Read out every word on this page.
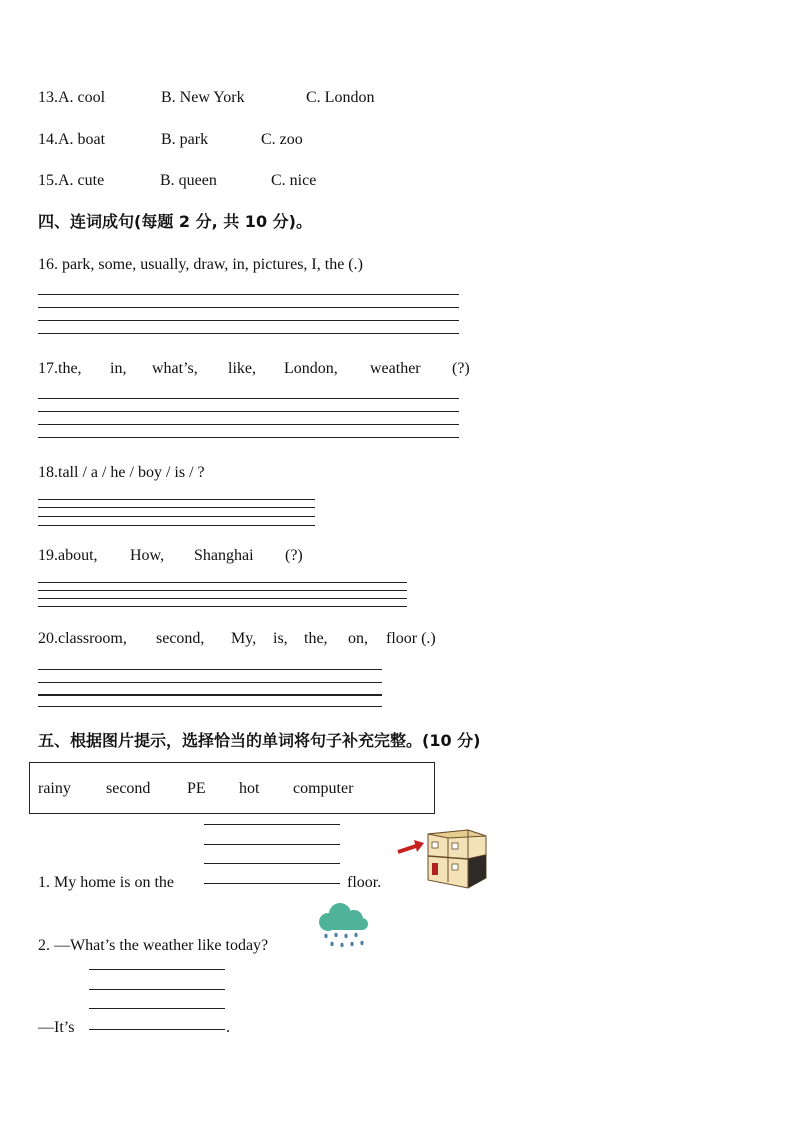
13.A. cool	B. New York	C. London
14.A. boat	B. park	C. zoo
15.A. cute	B. queen	C. nice
四、连词成句(每题 2 分, 共 10 分)。
16. park, some, usually, draw, in, pictures, I, the (.)
17.the, in, what’s, like, London, weather (?)
18.tall / a / he / boy / is / ?
19.about, How, Shanghai (?)
20.classroom, second, My, is, the, on, floor (.)
五、根据图片提示，选择恰当的单词将句子补充完整。(10 分)
rainy second PE hot computer
1. My home is on the	floor.
2. —What’s the weather like today?
—It’s	.
